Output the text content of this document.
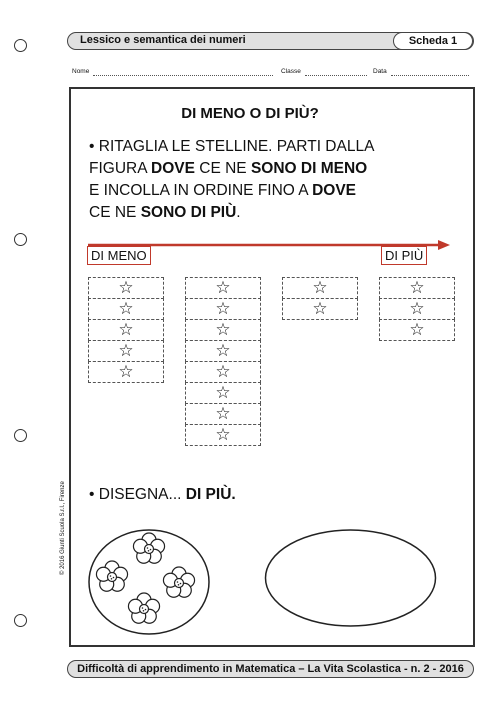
Lessico e semantica dei numeri	Scheda 1
Nome	Classe	Data
DI MENO O DI PIÙ?
• RITAGLIA LE STELLINE. PARTI DALLA
FIGURA DOVE CE NE SONO DI MENO
E INCOLLA IN ORDINE FINO A DOVE
CE NE SONO DI PIÙ.
DI MENO	DI PIÙ
☆
☆
☆
☆
☆
☆
☆
☆
☆
☆
☆
☆
☆
☆
☆
☆
☆
☆
• DISEGNA... DI PIÙ.
© 2016 Giunti Scuola S.r.l., Firenze
Difficoltà di apprendimento in Matematica – La Vita Scolastica - n. 2 - 2016
